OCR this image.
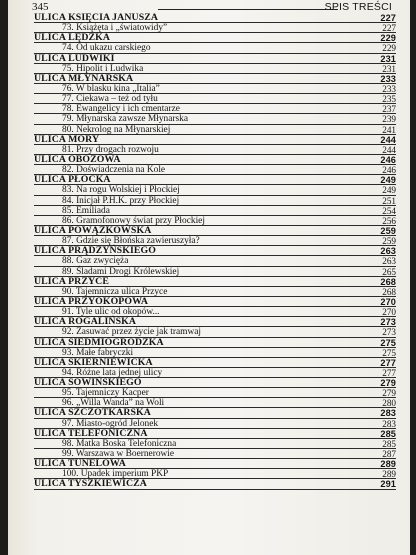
345	SPIS TREŚCI
ULICA KSIĘCIA JANUSZA	227
73. Książęta i „światowidy”	227
ULICA LĘDZKA	229
74. Od ukazu carskiego	229
ULICA LUDWIKI	231
75. Hipolit i Ludwika	231
ULICA MŁYNARSKA	233
76. W blasku kina „Italia”	233
77. Ciekawa – też od tyłu	235
78. Ewangelicy i ich cmentarze	237
79. Młynarska zawsze Młynarska	239
80. Nekrolog na Młynarskiej	241
ULICA MORY	244
81. Przy drogach rozwoju	244
ULICA OBOZOWA	246
82. Doświadczenia na Kole	246
ULICA PŁOCKA	249
83. Na rogu Wolskiej i Płockiej	249
84. Inicjał P.H.K. przy Płockiej	251
85. Emiliada	254
86. Gramofonowy świat przy Płockiej	256
ULICA POWĄZKOWSKA	259
87. Gdzie się Błońska zawieruszyła?	259
ULICA PRĄDZYŃSKIEGO	263
88. Gaz zwycięża	263
89. Śladami Drogi Królewskiej	265
ULICA PRZYCE	268
90. Tajemnicza ulica Przyce	268
ULICA PRZYOKOPOWA	270
91. Tyle ulic od okopów...	270
ULICA ROGALIŃSKA	273
92. Zasuwać przez życie jak tramwaj	273
ULICA SIEDMIOGRODZKA	275
93. Małe fabryczki	275
ULICA SKIERNIEWICKA	277
94. Różne lata jednej ulicy	277
ULICA SOWIŃSKIEGO	279
95. Tajemniczy Kacper	279
96. „Willa Wanda” na Woli	280
ULICA SZCZOTKARSKA	283
97. Miasto-ogród Jelonek	283
ULICA TELEFONICZNA	285
98. Matka Boska Telefoniczna	285
99. Warszawa w Boernerowie	287
ULICA TUNELOWA	289
100. Upadek imperium PKP	289
ULICA TYSZKIEWICZA	291
